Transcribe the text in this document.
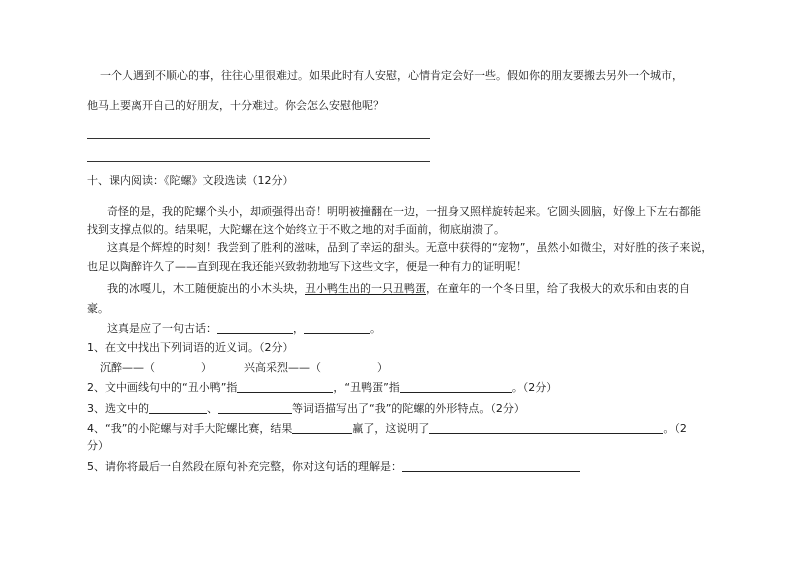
一个人遇到不顺心的事，往往心里很难过。如果此时有人安慰，心情肯定会好一些。假如你的朋友要搬去另外一个城市，
他马上要离开自己的好朋友，十分难过。你会怎么安慰他呢？
十、课内阅读：《陀螺》文段选读（12分）
奇怪的是，我的陀螺个头小，却顽强得出奇！明明被撞翻在一边，一扭身又照样旋转起来。它圆头圆脑，好像上下左右都能
找到支撑点似的。结果呢，大陀螺在这个始终立于不败之地的对手面前，彻底崩溃了。
这真是个辉煌的时刻！我尝到了胜利的滋味，品到了幸运的甜头。无意中获得的“宠物”，虽然小如微尘，对好胜的孩子来说，
也足以陶醉许久了——直到现在我还能兴致勃勃地写下这些文字，便是一种有力的证明呢！
我的冰嘎儿，木工随便旋出的小木头块，丑小鸭生出的一只丑鸭蛋，在童年的一个冬日里，给了我极大的欢乐和由衷的自
豪。
这真是应了一句古话：	，	。
1、在文中找出下列词语的近义词。（2分）
沉醉——（	）	兴高采烈——（	）
2、文中画线句中的“丑小鸭”指	，“丑鸭蛋”指	。（2分）
3、选文中的	、	等词语描写出了“我”的陀螺的外形特点。（2分）
4、“我”的小陀螺与对手大陀螺比赛，结果	赢了，这说明了	。（2
分）
5、请你将最后一自然段在原句补充完整，你对这句话的理解是：
